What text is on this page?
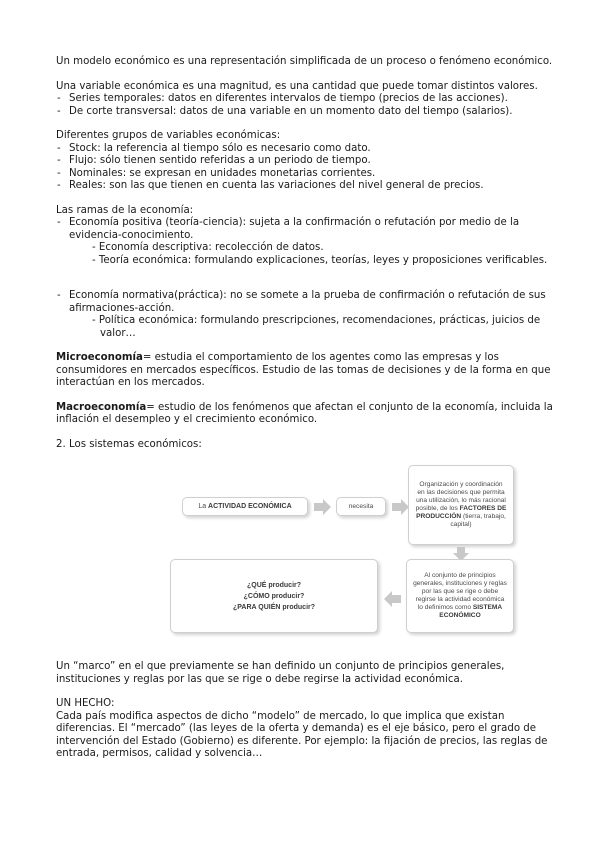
Un modelo económico es una representación simplificada de un proceso o fenómeno económico.

Una variable económica es una magnitud, es una cantidad que puede tomar distintos valores.

- Series temporales: datos en diferentes intervalos de tiempo (precios de las acciones).

- De corte transversal: datos de una variable en un momento dato del tiempo (salarios).

Diferentes grupos de variables económicas:

- Stock: la referencia al tiempo sólo es necesario como dato.

- Flujo: sólo tienen sentido referidas a un periodo de tiempo.

- Nominales: se expresan en unidades monetarias corrientes.

- Reales: son las que tienen en cuenta las variaciones del nivel general de precios.

Las ramas de la economía:

- Economía positiva (teoría-ciencia): sujeta a la confirmación o refutación por medio de la

evidencia-conocimiento.

- Economía descriptiva: recolección de datos.

- Teoría económica: formulando explicaciones, teorías, leyes y proposiciones verificables.

- Economía normativa(práctica): no se somete a la prueba de confirmación o refutación de sus

afirmaciones-acción.

- Política económica: formulando prescripciones, recomendaciones, prácticas, juicios de

valor…

Microeconomía= estudia el comportamiento de los agentes como las empresas y los consumidores en mercados específicos. Estudio de las tomas de decisiones y de la forma en que interactúan en los mercados.

Macroeconomía= estudio de los fenómenos que afectan el conjunto de la economía, incluida la inflación el desempleo y el crecimiento económico.

2. Los sistemas económicos:

La ACTIVIDAD ECONÓMICA	necesita
Organización y coordinación en las decisiones que permita una utilización, lo más racional posible, de los FACTORES DE PRODUCCIÓN (tierra, trabajo, capital)
Al conjunto de principios generales, instituciones y reglas por las que se rige o debe regirse la actividad económica lo definimos como SISTEMA ECONÓMICO
¿QUÉ producir?
¿CÓMO producir?
¿PARA QUIÉN producir?

Un “marco” en el que previamente se han definido un conjunto de principios generales, instituciones y reglas por las que se rige o debe regirse la actividad económica.

UN HECHO:

Cada país modifica aspectos de dicho “modelo” de mercado, lo que implica que existan diferencias. El “mercado” (las leyes de la oferta y demanda) es el eje básico, pero el grado de intervención del Estado (Gobierno) es diferente. Por ejemplo: la fijación de precios, las reglas de entrada, permisos, calidad y solvencia…
